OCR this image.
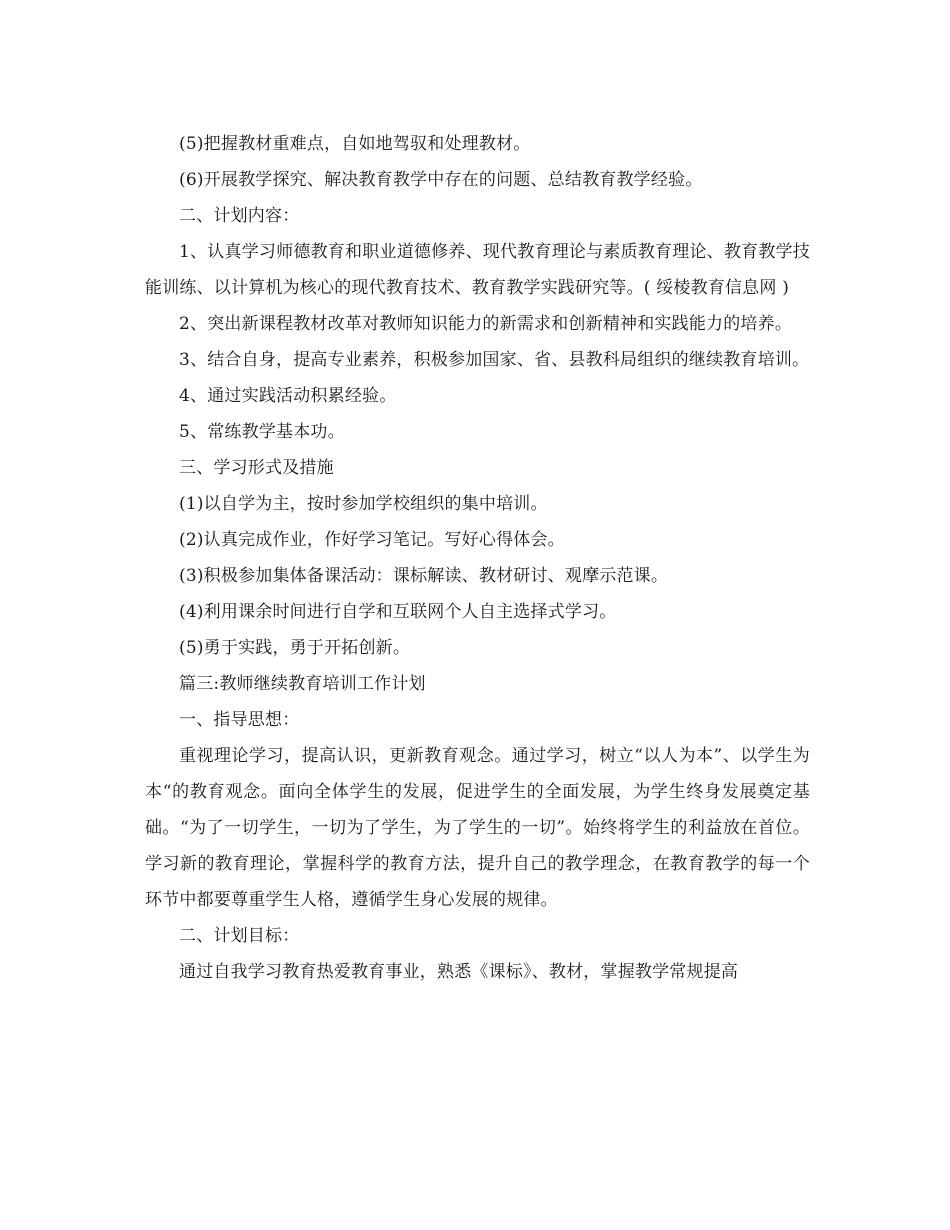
(5)把握教材重难点，自如地驾驭和处理教材。

(6)开展教学探究、解决教育教学中存在的问题、总结教育教学经验。

二、计划内容：

1、认真学习师德教育和职业道德修养、现代教育理论与素质教育理论、教育教学技能训练、以计算机为核心的现代教育技术、教育教学实践研究等。( 绥棱教育信息网 )

2、突出新课程教材改革对教师知识能力的新需求和创新精神和实践能力的培养。

3、结合自身，提高专业素养，积极参加国家、省、县教科局组织的继续教育培训。

4、通过实践活动积累经验。

5、常练教学基本功。

三、学习形式及措施

(1)以自学为主，按时参加学校组织的集中培训。

(2)认真完成作业，作好学习笔记。写好心得体会。

(3)积极参加集体备课活动：课标解读、教材研讨、观摩示范课。

(4)利用课余时间进行自学和互联网个人自主选择式学习。

(5)勇于实践，勇于开拓创新。

篇三:教师继续教育培训工作计划

一、指导思想：

重视理论学习，提高认识，更新教育观念。通过学习，树立“以人为本”、以学生为本“的教育观念。面向全体学生的发展，促进学生的全面发展，为学生终身发展奠定基础。“为了一切学生，一切为了学生，为了学生的一切”。始终将学生的利益放在首位。学习新的教育理论，掌握科学的教育方法，提升自己的教学理念，在教育教学的每一个环节中都要尊重学生人格，遵循学生身心发展的规律。

二、计划目标：

通过自我学习教育热爱教育事业，熟悉《课标》、教材，掌握教学常规提高
